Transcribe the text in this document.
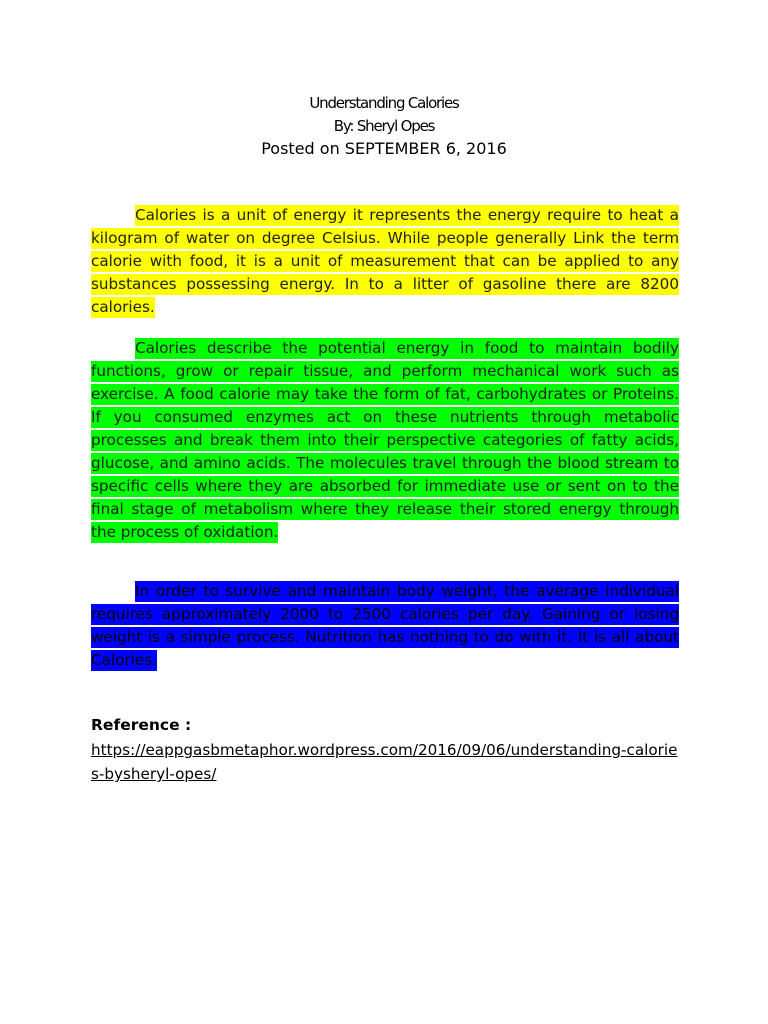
Understanding Calories
By: Sheryl Opes
Posted on SEPTEMBER 6, 2016

Calories is a unit of energy it represents the energy require to heat a kilogram of water on degree Celsius. While people generally Link the term calorie with food, it is a unit of measurement that can be applied to any substances possessing energy. In to a litter of gasoline there are 8200 calories.

Calories describe the potential energy in food to maintain bodily functions, grow or repair tissue, and perform mechanical work such as exercise. A food calorie may take the form of fat, carbohydrates or Proteins. If you consumed enzymes act on these nutrients through metabolic processes and break them into their perspective categories of fatty acids, glucose, and amino acids. The molecules travel through the blood stream to specific cells where they are absorbed for immediate use or sent on to the final stage of metabolism where they release their stored energy through the process of oxidation.

In order to survive and maintain body weight, the average individual requires approximately 2000 to 2500 calories per day. Gaining or losing weight is a simple process. Nutrition has nothing to do with it. It is all about Calories.

Reference :
https://eappgasbmetaphor.wordpress.com/2016/09/06/understanding-calories-bysheryl-opes/
